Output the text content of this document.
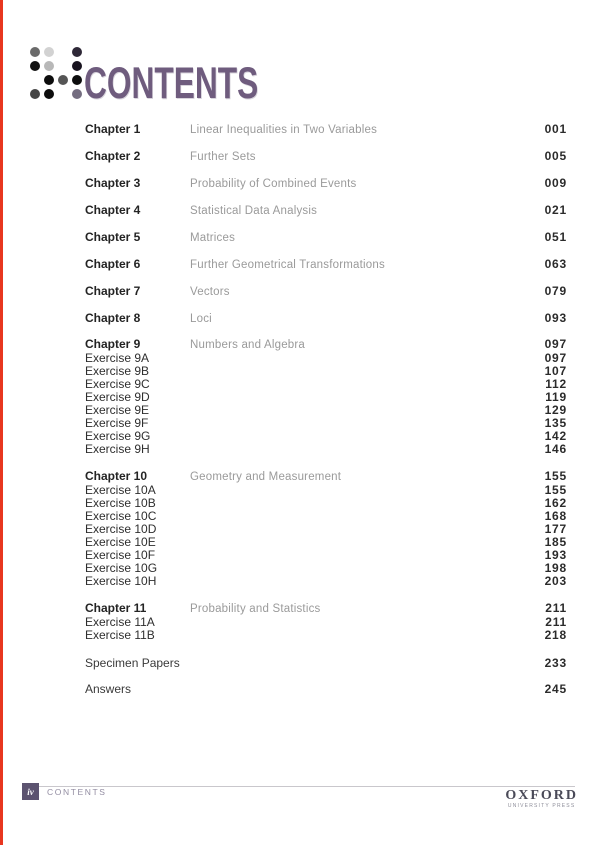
CONTENTS
Chapter 1	Linear Inequalities in Two Variables	001
Chapter 2	Further Sets	005
Chapter 3	Probability of Combined Events	009
Chapter 4	Statistical Data Analysis	021
Chapter 5	Matrices	051
Chapter 6	Further Geometrical Transformations	063
Chapter 7	Vectors	079
Chapter 8	Loci	093
Chapter 9	Numbers and Algebra	097
Exercise 9A	097
Exercise 9B	107
Exercise 9C	112
Exercise 9D	119
Exercise 9E	129
Exercise 9F	135
Exercise 9G	142
Exercise 9H	146
Chapter 10	Geometry and Measurement	155
Exercise 10A	155
Exercise 10B	162
Exercise 10C	168
Exercise 10D	177
Exercise 10E	185
Exercise 10F	193
Exercise 10G	198
Exercise 10H	203
Chapter 11	Probability and Statistics	211
Exercise 11A	211
Exercise 11B	218
Specimen Papers	233
Answers	245
iv	CONTENTS	OXFORD
UNIVERSITY PRESS
